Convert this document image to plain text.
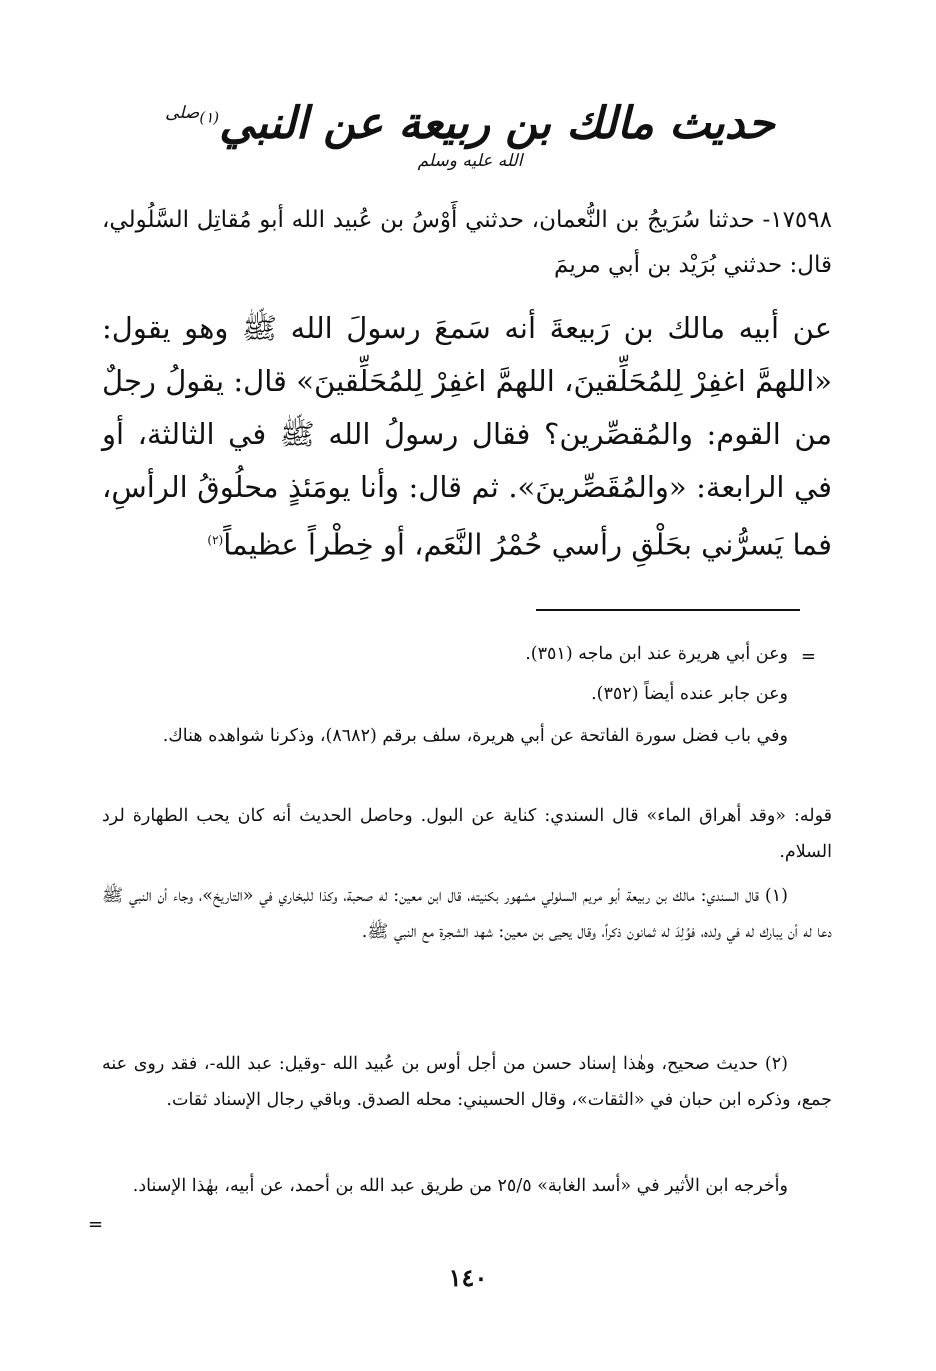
حديث مالك بن ربيعة عن النبي$^{(١)صلى الله عليه وسلم}$
١٧٥٩٨- حدثنا سُرَيجُ بن النُّعمان، حدثني أَوْسُ بن عُبيد الله أبو مُقاتِل السَّلُولي، قال: حدثني بُرَيْد بن أبي مريمَ
عن أبيه مالك بن رَبيعةَ أنه سَمعَ رسولَ الله ﷺ وهو يقول: «اللهمَّ اغفِرْ لِلمُحَلِّقينَ، اللهمَّ اغفِرْ لِلمُحَلِّقينَ» قال: يقولُ رجلٌ من القوم: والمُقصِّرين؟ فقال رسولُ الله ﷺ في الثالثة، أو في الرابعة: «والمُقَصِّرينَ». ثم قال: وأنا يومَئذٍ محلُوقُ الرأسِ، فما يَسرُّني بحَلْقِ رأسي حُمْرُ النَّعَم، أو خِطْراً عظيماً$^{(٢)}$
=

وعن أبي هريرة عند ابن ماجه (٣٥١).

وعن جابر عنده أيضاً (٣٥٢).

وفي باب فضل سورة الفاتحة عن أبي هريرة، سلف برقم (٨٦٨٢)، وذكرنا شواهده هناك.

قوله: «وقد أهراق الماء» قال السندي: كناية عن البول. وحاصل الحديث أنه كان يحب الطهارة لرد السلام.

(١) قال السندي: مالك بن ربيعة أبو مريم السلولي مشهور بكنيته، قال ابن معين: له صحبة، وكذا للبخاري في «التاريخ»، وجاء أن النبي ﷺ دعا له أن يبارك له في ولده، فوُلِدَ له ثمانون ذكراً، وقال يحيى بن معين: شهد الشجرة مع النبي ﷺ.

(٢) حديث صحيح، وهٰذا إسناد حسن من أجل أوس بن عُبيد الله -وقيل: عبد الله-، فقد روى عنه جمع، وذكره ابن حبان في «الثقات»، وقال الحسيني: محله الصدق. وباقي رجال الإسناد ثقات.

وأخرجه ابن الأثير في «أسد الغابة» ٢٥/٥ من طريق عبد الله بن أحمد، عن أبيه، بهٰذا الإسناد.

=
١٤٠
